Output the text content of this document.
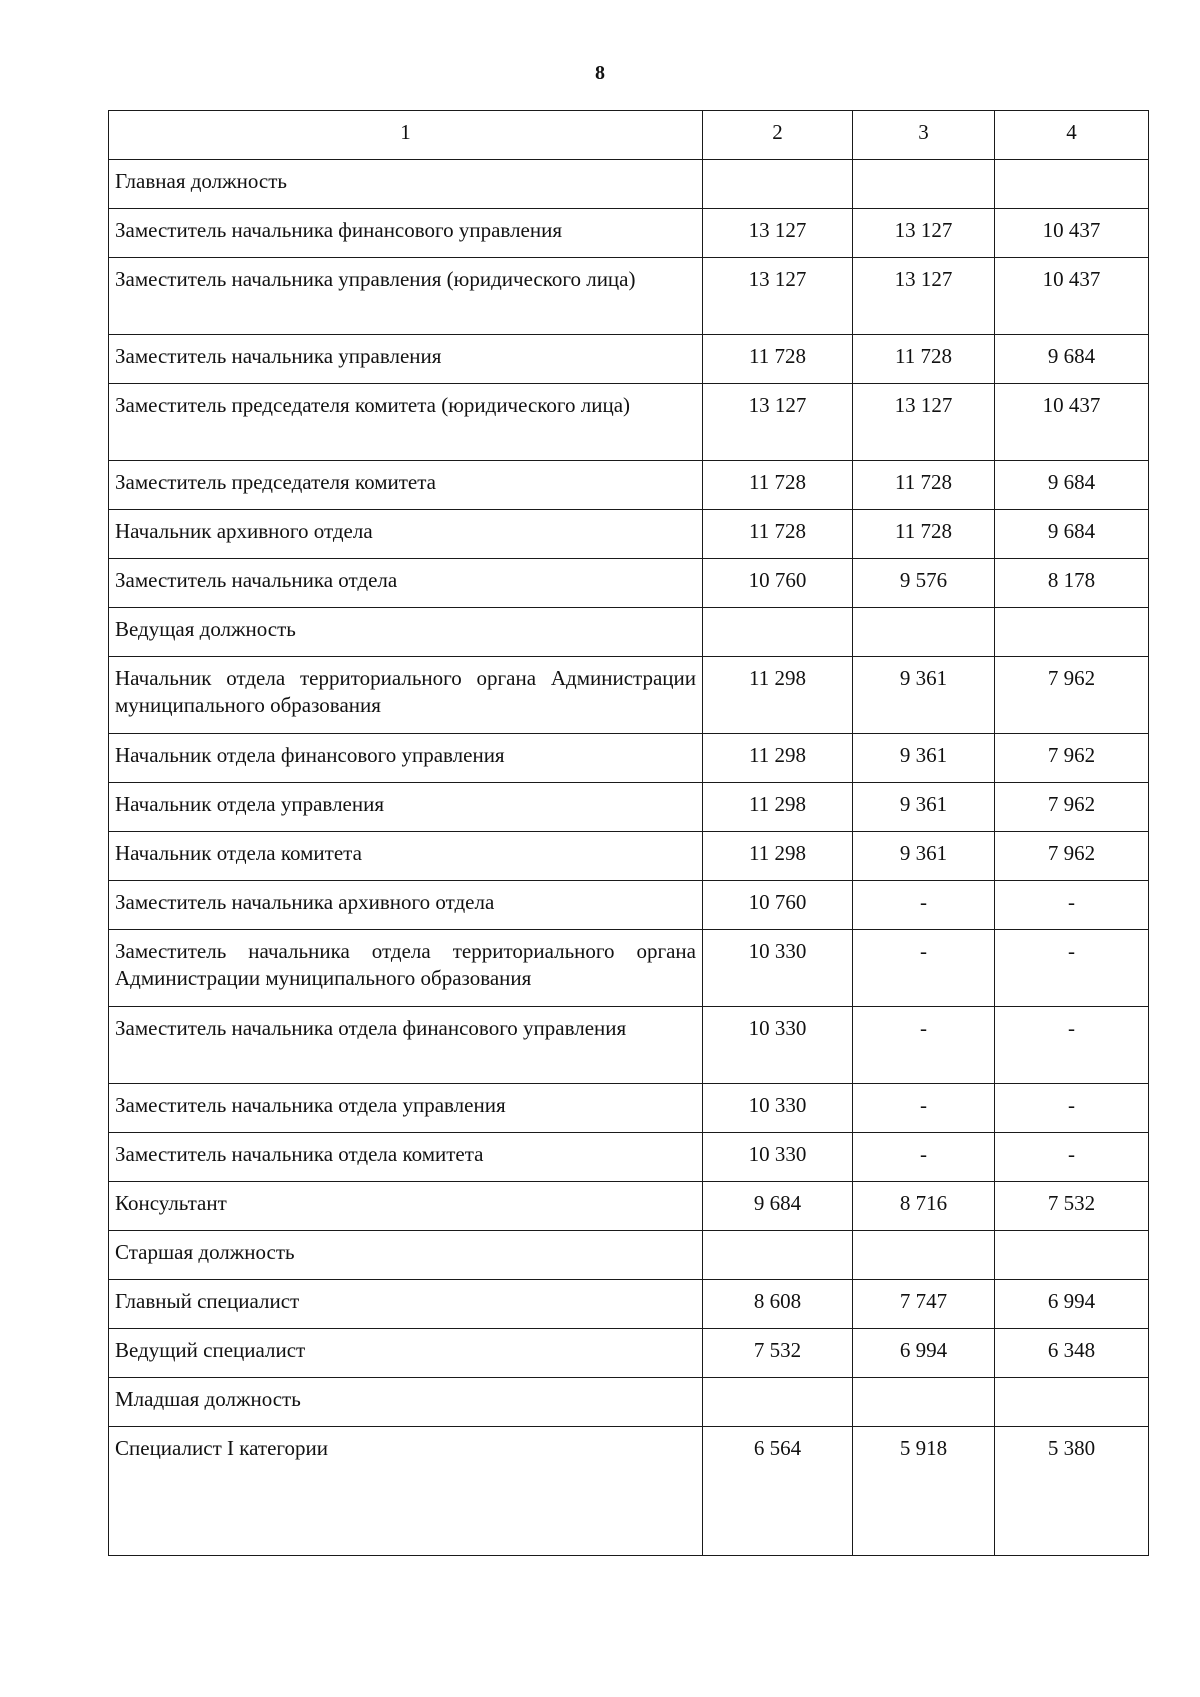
8
1	2	3	4
Главная должность			
Заместитель начальника финансового управления	13 127	13 127	10 437
Заместитель начальника управления (юридического лица)	13 127	13 127	10 437
Заместитель начальника управления	11 728	11 728	9 684
Заместитель председателя комитета (юридического лица)	13 127	13 127	10 437
Заместитель председателя комитета	11 728	11 728	9 684
Начальник архивного отдела	11 728	11 728	9 684
Заместитель начальника отдела	10 760	9 576	8 178
Ведущая должность			
Начальник отдела территориального органа Администрации муниципального образования	11 298	9 361	7 962
Начальник отдела финансового управления	11 298	9 361	7 962
Начальник отдела управления	11 298	9 361	7 962
Начальник отдела комитета	11 298	9 361	7 962
Заместитель начальника архивного отдела	10 760	-	-
Заместитель начальника отдела территориального органа Администрации муниципального образования	10 330	-	-
Заместитель начальника отдела финансового управления	10 330	-	-
Заместитель начальника отдела управления	10 330	-	-
Заместитель начальника отдела комитета	10 330	-	-
Консультант	9 684	8 716	7 532
Старшая должность			
Главный специалист	8 608	7 747	6 994
Ведущий специалист	7 532	6 994	6 348
Младшая должность			
Специалист I категории	6 564	5 918	5 380
